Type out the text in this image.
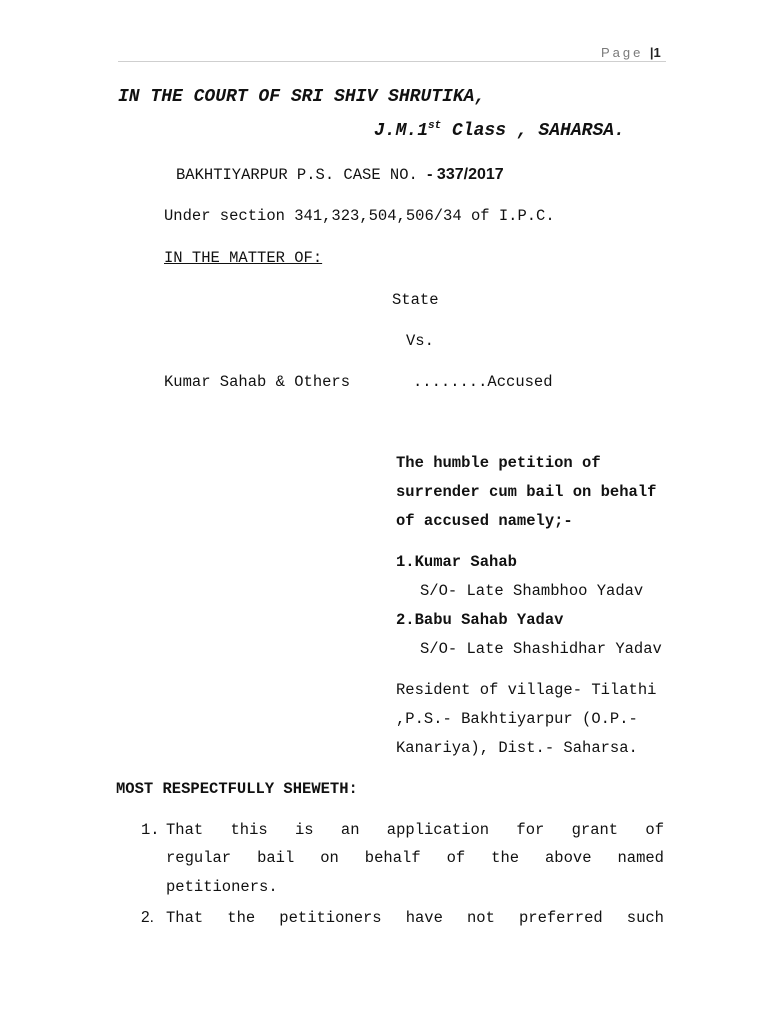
Page |1
IN THE COURT OF SRI SHIV SHRUTIKA,
J.M.1st Class , SAHARSA.
BAKHTIYARPUR P.S. CASE NO. - 337/2017
Under section 341,323,504,506/34 of I.P.C.
IN THE MATTER OF:
State
Vs.
Kumar Sahab & Others	........Accused
The humble petition of
surrender cum bail on behalf
of accused namely;-
1.Kumar Sahab
S/O- Late Shambhoo Yadav
2.Babu Sahab Yadav
S/O- Late Shashidhar Yadav
Resident of village- Tilathi
,P.S.- Bakhtiyarpur (O.P.-
Kanariya), Dist.- Saharsa.
MOST RESPECTFULLY SHEWETH:
1. That this is an application for grant of
regular bail on behalf of the above named
petitioners.
2. That the petitioners have not preferred such
